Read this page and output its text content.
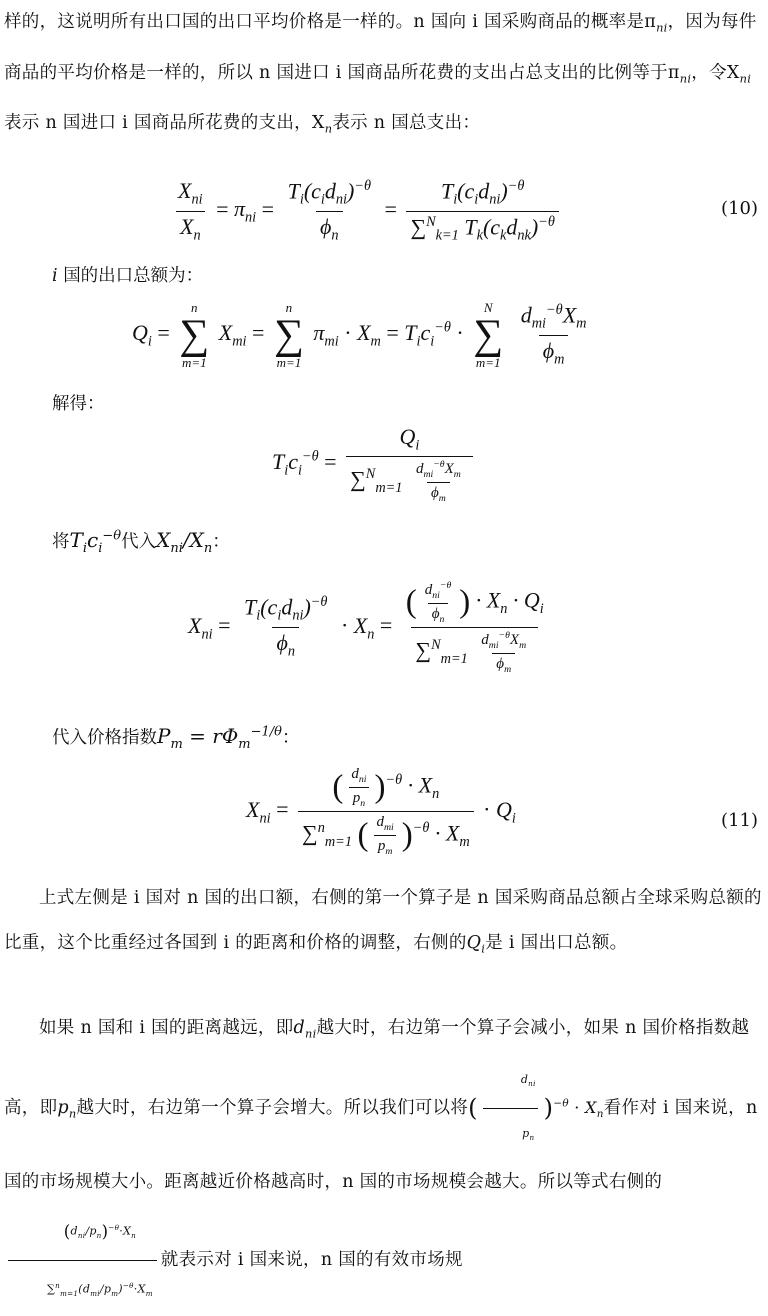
样的，这说明所有出口国的出口平均价格是一样的。n 国向 i 国采购商品的概率是$\pi_{ni}$，因为每件商品的平均价格是一样的，所以 n 国进口 i 国商品所花费的支出占总支出的比例等于$\pi_{ni}$，令$X_{ni}$表示 n 国进口 i 国商品所花费的支出，$X_n$表示 n 国总支出：
$\frac{X_{ni}}{X_n} = \pi_{ni} = \frac{T_i(c_id_{ni})^{-\theta}}{\phi_n} = \frac{T_i(c_id_{ni})^{-\theta}}{\sum^N_{k=1} T_k(c_kd_{nk})^{-\theta}}$	(10)
i 国的出口总额为：
$Q_i$ =
n
∑
m=1
$X_{mi}$ =
n
∑
m=1
$\pi_{mi} \cdot X_m = T_ic_i^{-\theta}$ ·
N
∑
m=1
$\frac{d_{mi}^{-\theta}X_m}{\phi_m}$
解得：
$T_ic_i^{-\theta} = \frac{Q_i}{\sum^N_{m=1} \frac{d_{mi}^{-\theta}X_m}{\phi_m}}$
将$T_ic_i^{-\theta}$代入$X_{ni}/X_n$：
$X_{ni} = \frac{T_i(c_id_{ni})^{-\theta}}{\phi_n} \cdot X_n = \frac{( \frac{d_{ni}^{-\theta}}{\phi_n} ) \cdot X_n \cdot Q_i}{\sum^N_{m=1} \frac{d_{mi}^{-\theta}X_m}{\phi_m}}$
代入价格指数$P_m = r\Phi_m^{-1/\theta}$：
$X_{ni} = \frac{( \frac{d_{ni}}{p_n} )^{-\theta} \cdot X_n}{\sum^n_{m=1} ( \frac{d_{mi}}{p_m} )^{-\theta} \cdot X_m} \cdot Q_i$	(11)
上式左侧是 i 国对 n 国的出口额，右侧的第一个算子是 n 国采购商品总额占全球采购总额的比重，这个比重经过各国到 i 的距离和价格的调整，右侧的$Q_i$是 i 国出口总额。
如果 n 国和 i 国的距离越远，即$d_{ni}$越大时，右边第一个算子会减小，如果 n 国价格指数越高，即$p_n$越大时，右边第一个算子会增大。所以我们可以将( $\frac{d_{ni}}{p_n} )^{-\theta} \cdot X_n$看作对 i 国来说，n 国的市场规模大小。距离越近价格越高时，n 国的市场规模会越大。所以等式右侧的
$\frac{(d_{ni}/p_n)^{-\theta}\cdot X_n}{\sum^n_{m=1}(d_{mi}/p_m)^{-\theta}\cdot X_m}$ 就表示对 i 国来说，n 国的有效市场规
